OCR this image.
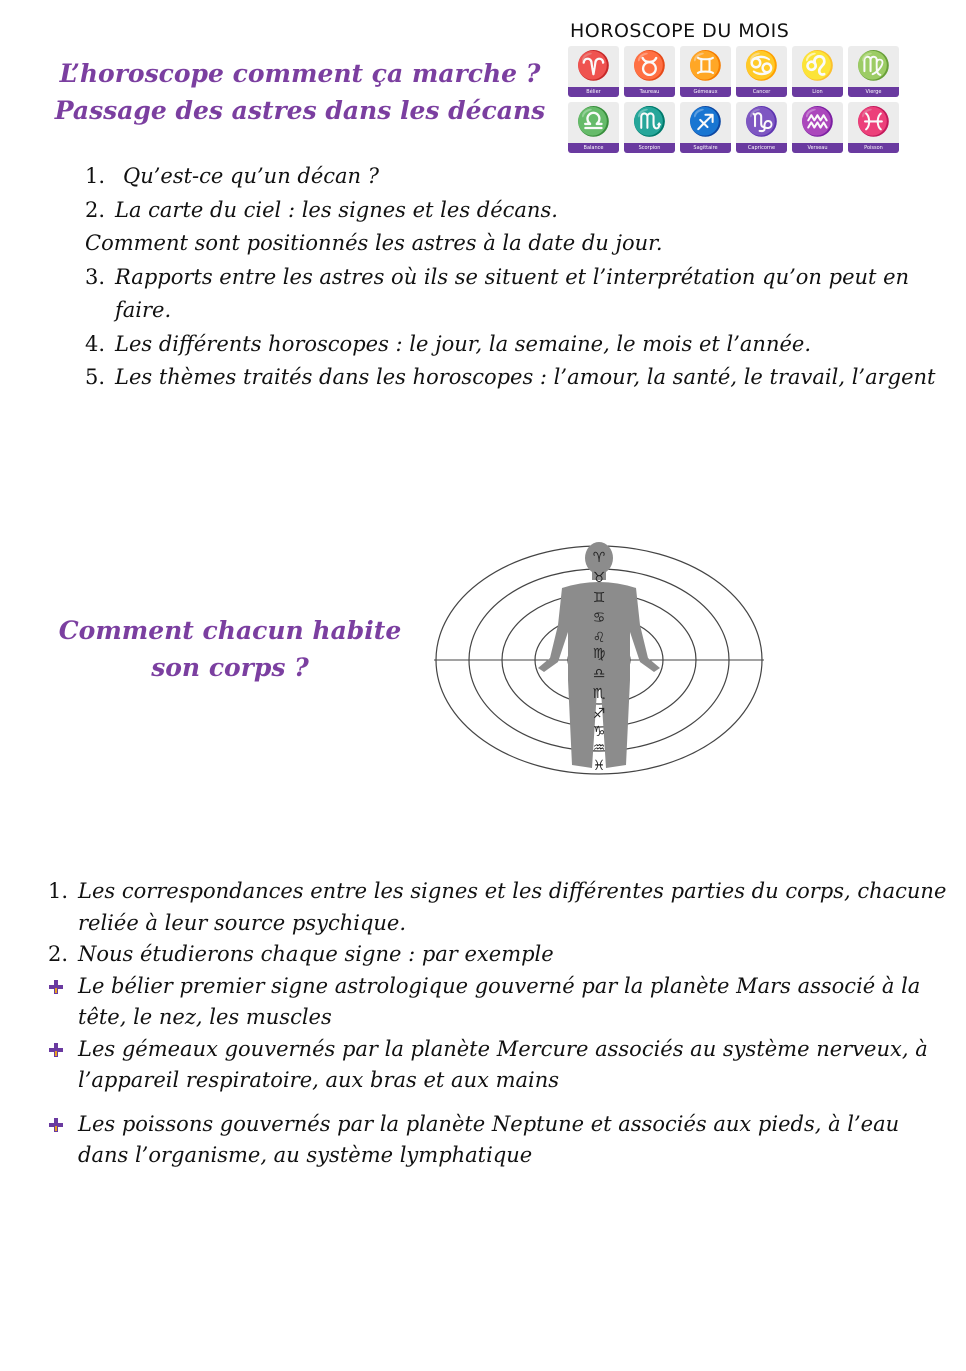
L’horoscope comment ça marche ?
Passage des astres dans les décans
HOROSCOPE DU MOIS
♈
Bélier
♉
Taureau
♊
Gémeaux
♋
Cancer
♌
Lion
♍
Vierge
♎
Balance
♏
Scorpion
♐
Sagittaire
♑
Capricorne
♒
Verseau
♓
Poisson
1. Qu’est-ce qu’un décan ?
2. La carte du ciel : les signes et les décans.
Comment sont positionnés les astres à la date du jour.
3. Rapports entre les astres où ils se situent et l’interprétation qu’on peut en faire.
4. Les différents horoscopes : le jour, la semaine, le mois et l’année.
5. Les thèmes traités dans les horoscopes : l’amour, la santé, le travail, l’argent
Comment chacun habite
son corps ?
♈
♉
♊
♋
♌
♍
♎
♏
♐
♑
♒
♓
1. Les correspondances entre les signes et les différentes parties du corps, chacune reliée à leur source psychique.
2. Nous étudierons chaque signe : par exemple
Le bélier premier signe astrologique gouverné par la planète Mars associé à la tête, le nez, les muscles
Les gémeaux gouvernés par la planète Mercure associés au système nerveux, à l’appareil respiratoire, aux bras et aux mains
Les poissons gouvernés par la planète Neptune et associés aux pieds, à l’eau dans l’organisme, au système lymphatique
